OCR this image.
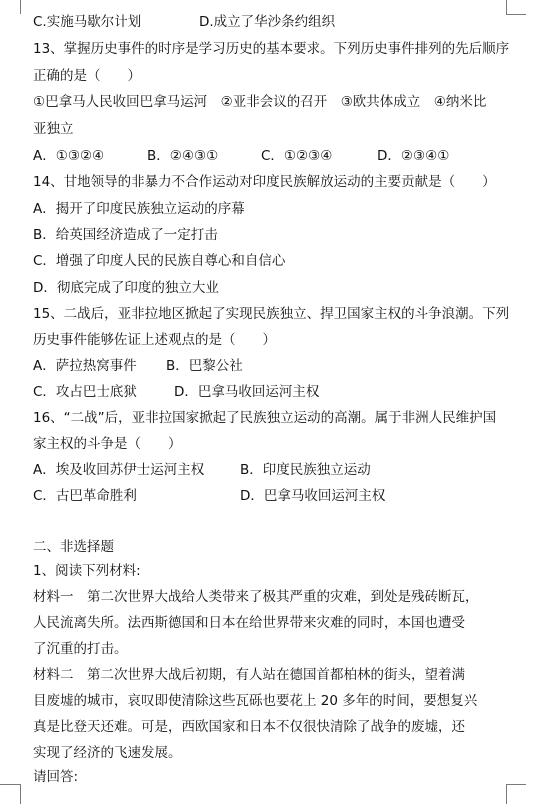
C.实施马歇尔计划	D.成立了华沙条约组织
13、掌握历史事件的时序是学习历史的基本要求。下列历史事件排列的先后顺序
正确的是（　　）
①巴拿马人民收回巴拿马运河　②亚非会议的召开　③欧共体成立　④纳米比
亚独立
A．①③②④	B．②④③①	C．①②③④	D．②③④①
14、甘地领导的非暴力不合作运动对印度民族解放运动的主要贡献是（　　）
A．揭开了印度民族独立运动的序幕
B．给英国经济造成了一定打击
C．增强了印度人民的民族自尊心和自信心
D．彻底完成了印度的独立大业
15、二战后，亚非拉地区掀起了实现民族独立、捍卫国家主权的斗争浪潮。下列
历史事件能够佐证上述观点的是（　　）
A．萨拉热窝事件 B．巴黎公社
C．攻占巴士底狱	D．巴拿马收回运河主权
16、“二战”后，亚非拉国家掀起了民族独立运动的高潮。属于非洲人民维护国
家主权的斗争是（　　）
A．埃及收回苏伊士运河主权	B．印度民族独立运动
C．古巴革命胜利	D．巴拿马收回运河主权
二、非选择题
1、阅读下列材料:
材料一　第二次世界大战给人类带来了极其严重的灾难，到处是残砖断瓦，
人民流离失所。法西斯德国和日本在给世界带来灾难的同时，本国也遭受
了沉重的打击。
材料二　第二次世界大战后初期，有人站在德国首都柏林的街头，望着满
目废墟的城市，哀叹即使清除这些瓦砾也要花上 20 多年的时间，要想复兴
真是比登天还难。可是，西欧国家和日本不仅很快清除了战争的废墟，还
实现了经济的飞速发展。
请回答:
